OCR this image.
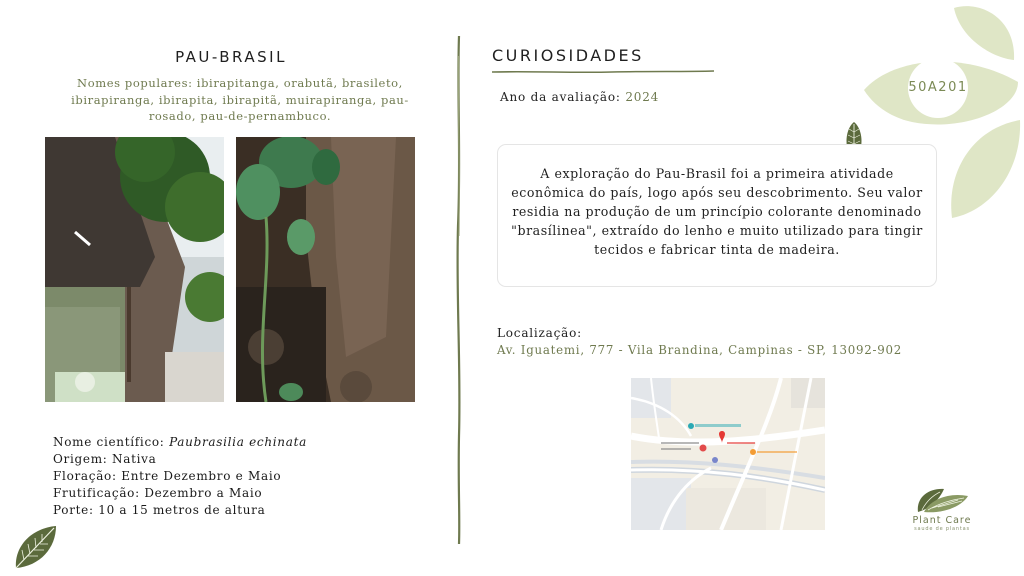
PAU-BRASIL
Nomes populares: ibirapitanga, orabutã, brasileto, ibirapiranga, ibirapita, ibirapitã, muirapiranga, pau-rosado, pau-de-pernambuco.
Nome científico: Paubrasilia echinata
Origem: Nativa
Floração: Entre Dezembro e Maio
Frutificação: Dezembro a Maio
Porte: 10 a 15 metros de altura
CURIOSIDADES
Ano da avaliação: 2024
50A201
A exploração do Pau-Brasil foi a primeira atividade econômica do país, logo após seu descobrimento. Seu valor residia na produção de um princípio colorante denominado "brasílinea", extraído do lenho e muito utilizado para tingir tecidos e fabricar tinta de madeira.
Localização:
Av. Iguatemi, 777 - Vila Brandina, Campinas - SP, 13092-902
Plant Care
saude de plantas
